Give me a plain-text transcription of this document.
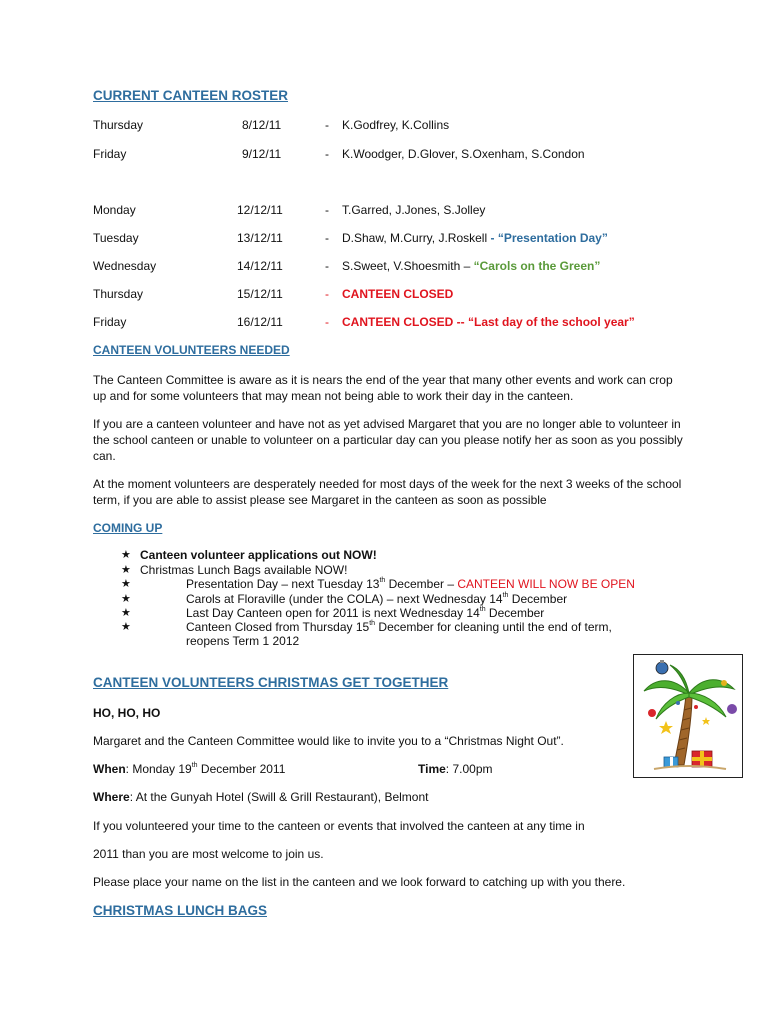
CURRENT CANTEEN ROSTER
Thursday	8/12/11	- K.Godfrey, K.Collins
Friday	9/12/11	- K.Woodger, D.Glover, S.Oxenham, S.Condon
Monday	12/12/11	- T.Garred, J.Jones, S.Jolley
Tuesday	13/12/11	- D.Shaw, M.Curry, J.Roskell - “Presentation Day”
Wednesday	14/12/11	- S.Sweet, V.Shoesmith – “Carols on the Green”
Thursday	15/12/11	- CANTEEN CLOSED
Friday	16/12/11	- CANTEEN CLOSED -- “Last day of the school year”
CANTEEN VOLUNTEERS NEEDED
The Canteen Committee is aware as it is nears the end of the year that many other events and work can crop up and for some volunteers that may mean not being able to work their day in the canteen.
If you are a canteen volunteer and have not as yet advised Margaret that you are no longer able to volunteer in the school canteen or unable to volunteer on a particular day can you please notify her as soon as you possibly can.
At the moment volunteers are desperately needed for most days of the week for the next 3 weeks of the school term, if you are able to assist please see Margaret in the canteen as soon as possible
COMING UP
★ Canteen volunteer applications out NOW!
★ Christmas Lunch Bags available NOW!
★	Presentation Day – next Tuesday 13th December – CANTEEN WILL NOW BE OPEN
★	Carols at Floraville (under the COLA) – next Wednesday 14th December
★	Last Day Canteen open for 2011 is next Wednesday 14th December
★	Canteen Closed from Thursday 15th December for cleaning until the end of term,
reopens Term 1 2012
CANTEEN VOLUNTEERS CHRISTMAS GET TOGETHER
HO, HO, HO
Margaret and the Canteen Committee would like to invite you to a “Christmas Night Out”.
When: Monday 19th December 2011	Time: 7.00pm
Where: At the Gunyah Hotel (Swill & Grill Restaurant), Belmont
If you volunteered your time to the canteen or events that involved the canteen at any time in
2011 than you are most welcome to join us.
Please place your name on the list in the canteen and we look forward to catching up with you there.
CHRISTMAS LUNCH BAGS
